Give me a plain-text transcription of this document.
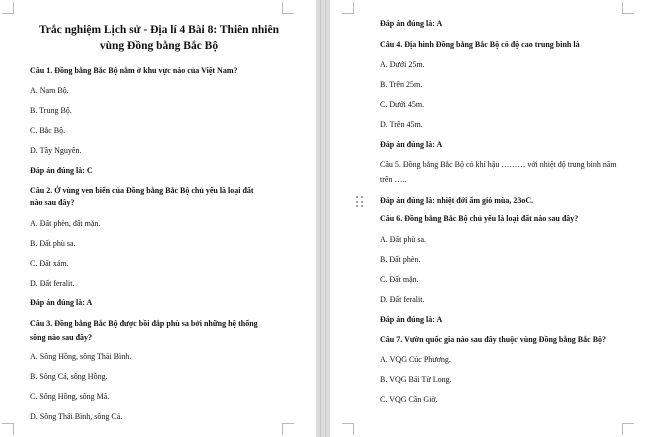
Trắc nghiệm Lịch sử - Địa lí 4 Bài 8: Thiên nhiên
vùng Đồng bằng Bắc Bộ
Câu 1. Đồng bằng Bắc Bộ nằm ở khu vực nào của Việt Nam?
A. Nam Bộ.
B. Trung Bộ.
C. Bắc Bộ.
D. Tây Nguyên.
Đáp án đúng là: C
Câu 2. Ở vùng ven biển của Đồng bằng Bắc Bộ chủ yếu là loại đất
nào sau đây?
A. Đất phèn, đất mặn.
B. Đất phù sa.
C. Đất xám.
D. Đất feralit.
Đáp án đúng là: A
Câu 3. Đồng bằng Bắc Bộ được bồi đắp phù sa bởi những hệ thống
sông nào sau đây?
A. Sông Hồng, sông Thái Bình.
B. Sông Cả, sông Hồng.
C. Sông Hồng, sông Mã.
D. Sông Thái Bình, sông Cả.
Đáp án đúng là: A
Câu 4. Địa hình Đồng bằng Bắc Bộ có độ cao trung bình là
A. Dưới 25m.
B. Trên 25m.
C. Dưới 45m.
D. Trên 45m.
Đáp án đúng là: A
Câu 5. Đồng bằng Bắc Bộ có khí hậu ……… với nhiệt độ trung bình năm
trên …..
Đáp án đúng là: nhiệt đới ẩm gió mùa, 23oC.
Câu 6. Đồng bằng Bắc Bộ chủ yếu là loại đất nào sau đây?
A. Đất phù sa.
B. Đất phèn.
C. Đất mặn.
D. Đất feralit.
Đáp án đúng là: A
Câu 7. Vườn quốc gia nào sau đây thuộc vùng Đồng bằng Bắc Bộ?
A. VQG Cúc Phương.
B. VQG Bái Tử Long.
C. VQG Cần Giờ.
